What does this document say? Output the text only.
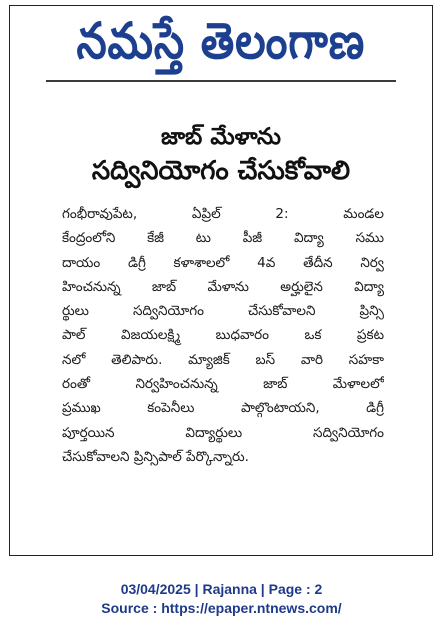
నమస్తే తెలంగాణ
జాబ్‌ మేళాను
సద్వినియోగం చేసుకోవాలి
గంభీరావుపేట, ఏప్రిల్‌ 2: మండల
కేంద్రంలోని కేజీ టు పీజీ విద్యా సము
దాయం డిగ్రీ కళాశాలలో 4వ తేదీన నిర్వ
హించనున్న జాబ్‌ మేళాను అర్హులైన విద్యా
ర్థులు సద్వినియోగం చేసుకోవాలని ప్రిన్సి
పాల్‌ విజయలక్ష్మి బుధవారం ఒక ప్రకట
నలో తెలిపారు. మ్యాజిక్‌ బస్‌ వారి సహకా
రంతో నిర్వహించనున్న జాబ్‌ మేళాలలో
ప్రముఖ కంపెనీలు పాల్గొంటాయని, డిగ్రీ
పూర్తయిన విద్యార్థులు సద్వినియోగం
చేసుకోవాలని ప్రిన్సిపాల్‌ పేర్కొన్నారు.
03/04/2025 | Rajanna | Page : 2
Source : https://epaper.ntnews.com/
